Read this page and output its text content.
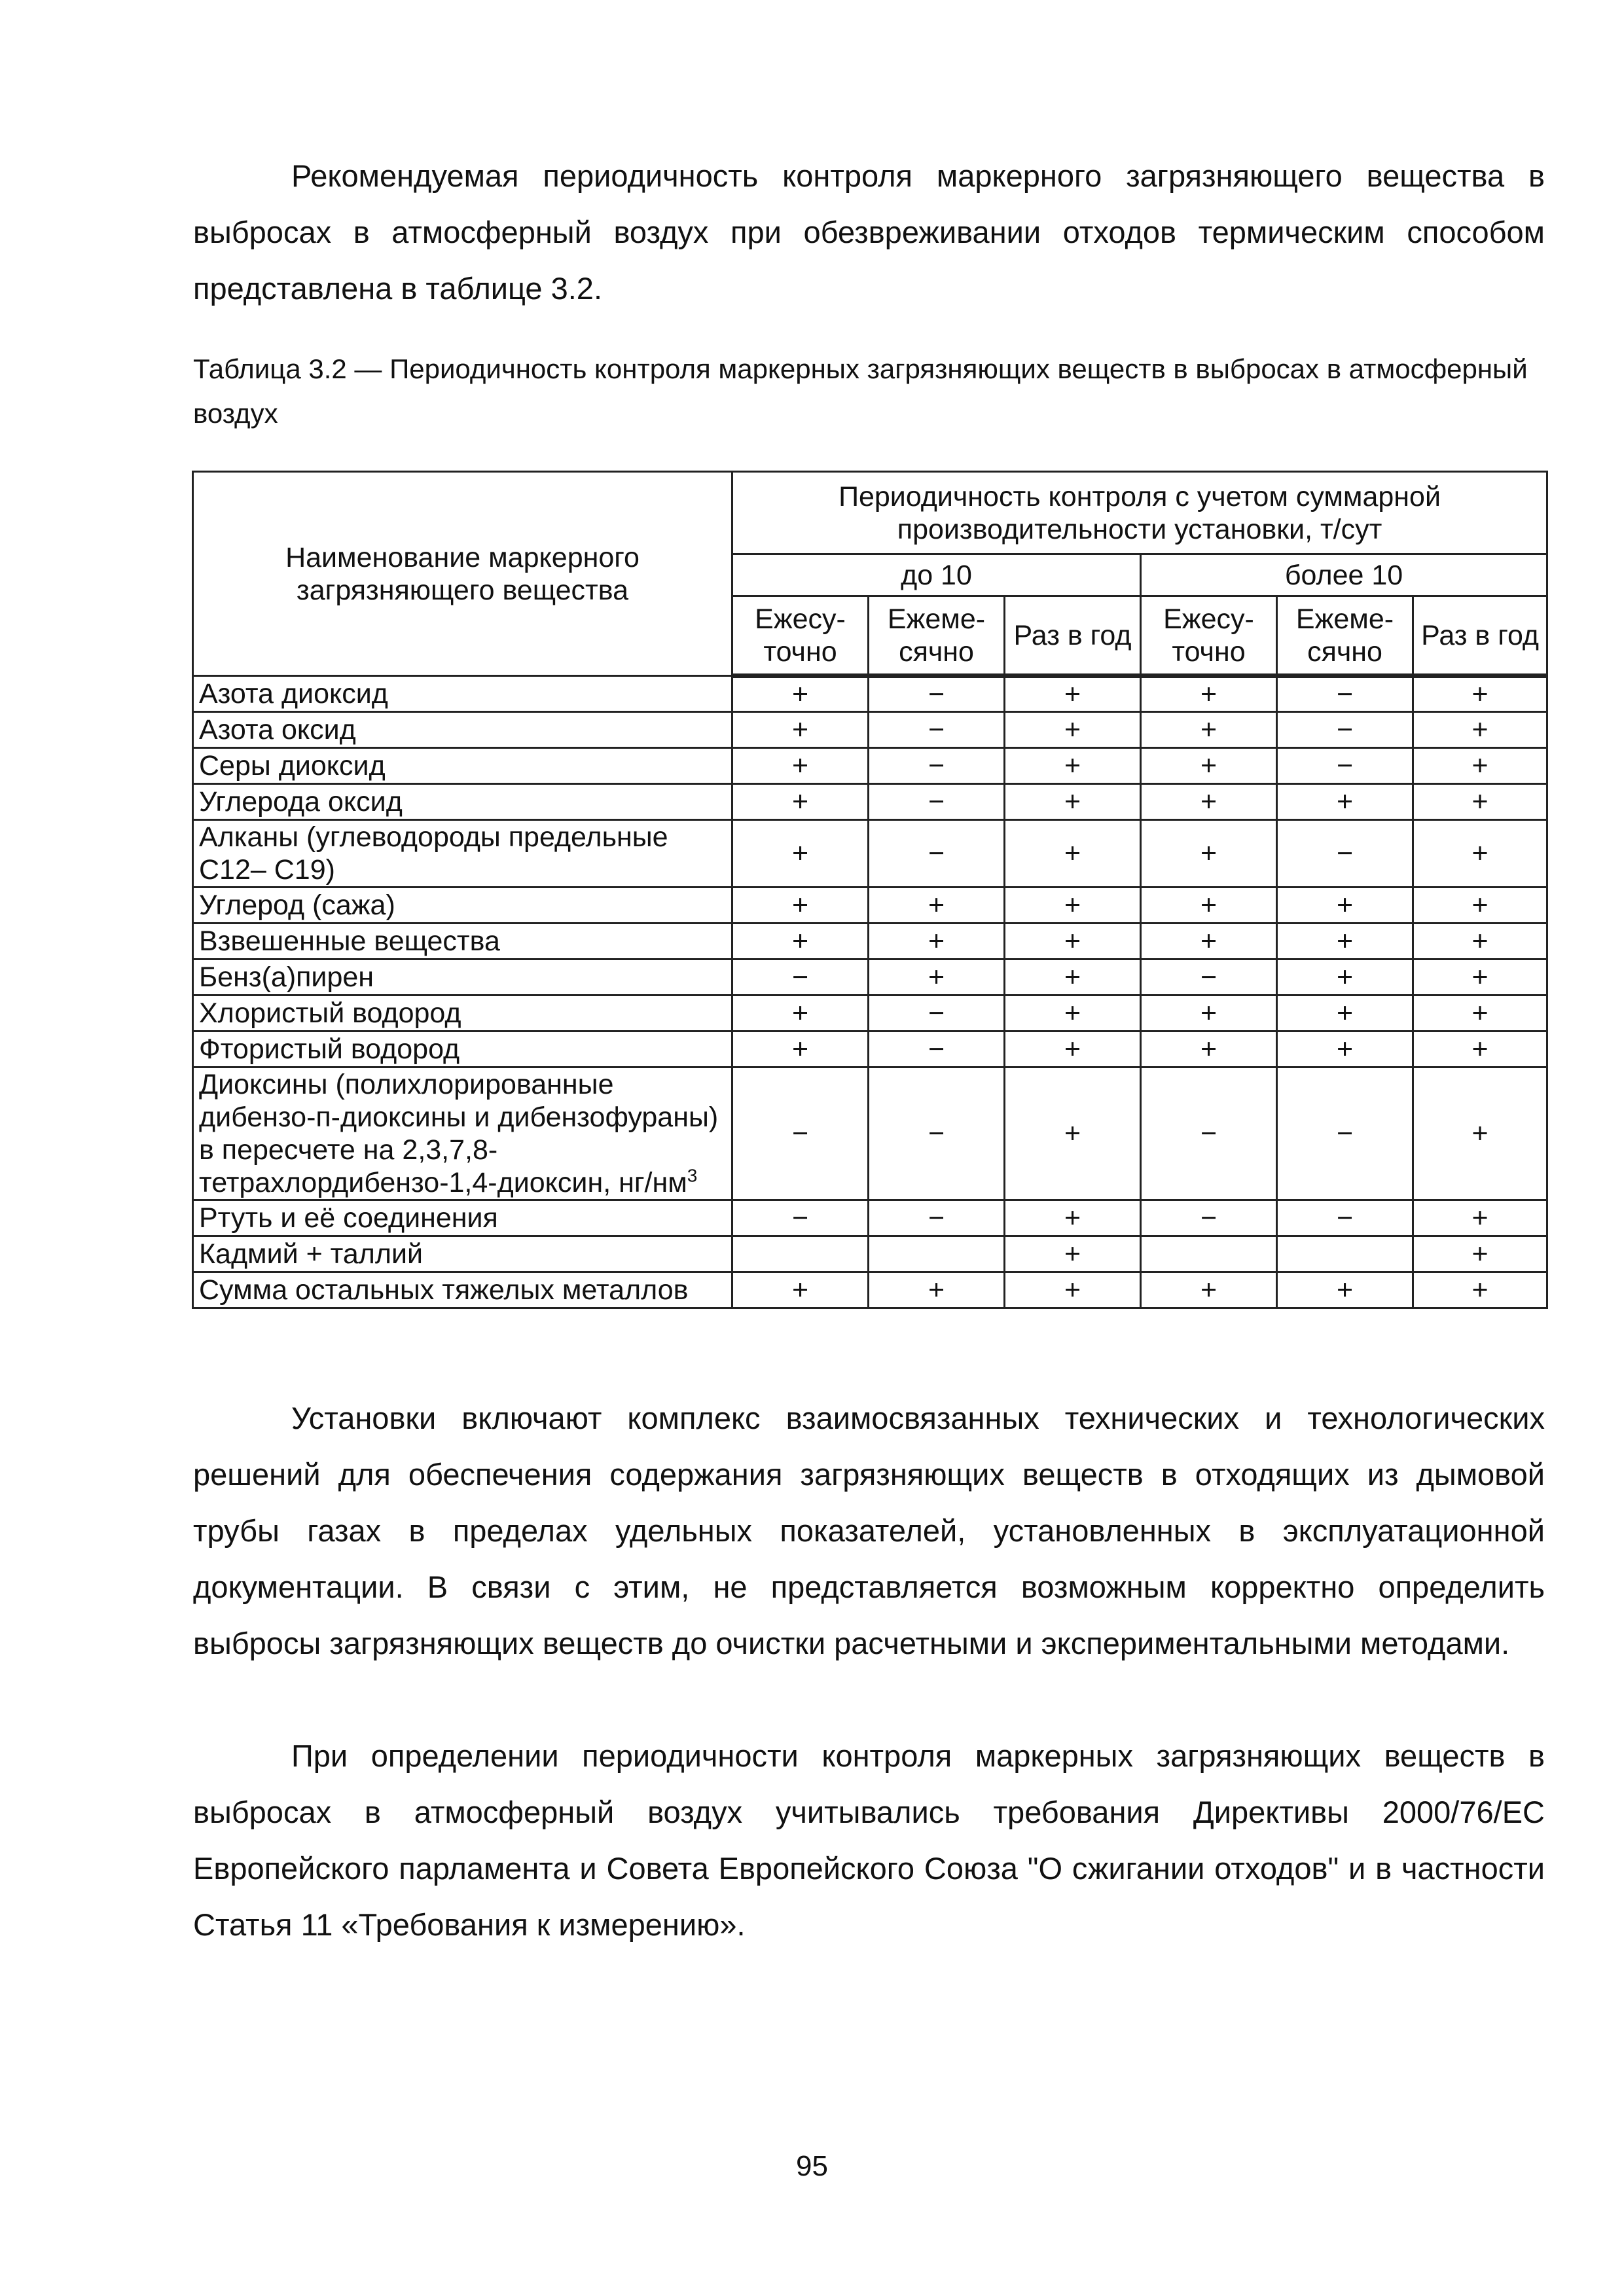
Рекомендуемая периодичность контроля маркерного загрязняющего вещества в выбросах в атмосферный воздух при обезвреживании отходов термическим способом представлена в таблице 3.2.

Таблица 3.2 — Периодичность контроля маркерных загрязняющих веществ в выбросах в атмосферный воздух

Наименование маркерного загрязняющего вещества	Периодичность контроля с учетом суммарной производительности установки, т/сут					
	до 10			более 10		
	Ежесу-точно	Ежеме-сячно	Раз в год	Ежесу-точно	Ежеме-сячно	Раз в год
Азота диоксид	+	−	+	+	−	+
Азота оксид	+	−	+	+	−	+
Серы диоксид	+	−	+	+	−	+
Углерода оксид	+	−	+	+	+	+
Алканы (углеводороды предельные С12– С19)	+	−	+	+	−	+
Углерод (сажа)	+	+	+	+	+	+
Взвешенные вещества	+	+	+	+	+	+
Бенз(а)пирен	−	+	+	−	+	+
Хлористый водород	+	−	+	+	+	+
Фтористый водород	+	−	+	+	+	+
Диоксины (полихлорированные дибензо-п-диоксины и дибензофураны) в пересчете на 2,3,7,8-тетрахлордибензо-1,4-диоксин, $нг/нм^3$	−	−	+	−	−	+
Ртуть и её соединения	−	−	+	−	−	+
Кадмий + таллий			+			+
Сумма остальных тяжелых металлов	+	+	+	+	+	+

Установки включают комплекс взаимосвязанных технических и технологических решений для обеспечения содержания загрязняющих веществ в отходящих из дымовой трубы газах в пределах удельных показателей, установленных в эксплуатационной документации. В связи с этим, не представляется возможным корректно определить выбросы загрязняющих веществ до очистки расчетными и экспериментальными методами.

При определении периодичности контроля маркерных загрязняющих веществ в выбросах в атмосферный воздух учитывались требования Директивы 2000/76/ЕС Европейского парламента и Совета Европейского Союза "О сжигании отходов" и в частности Статья 11 «Требования к измерению».

95
